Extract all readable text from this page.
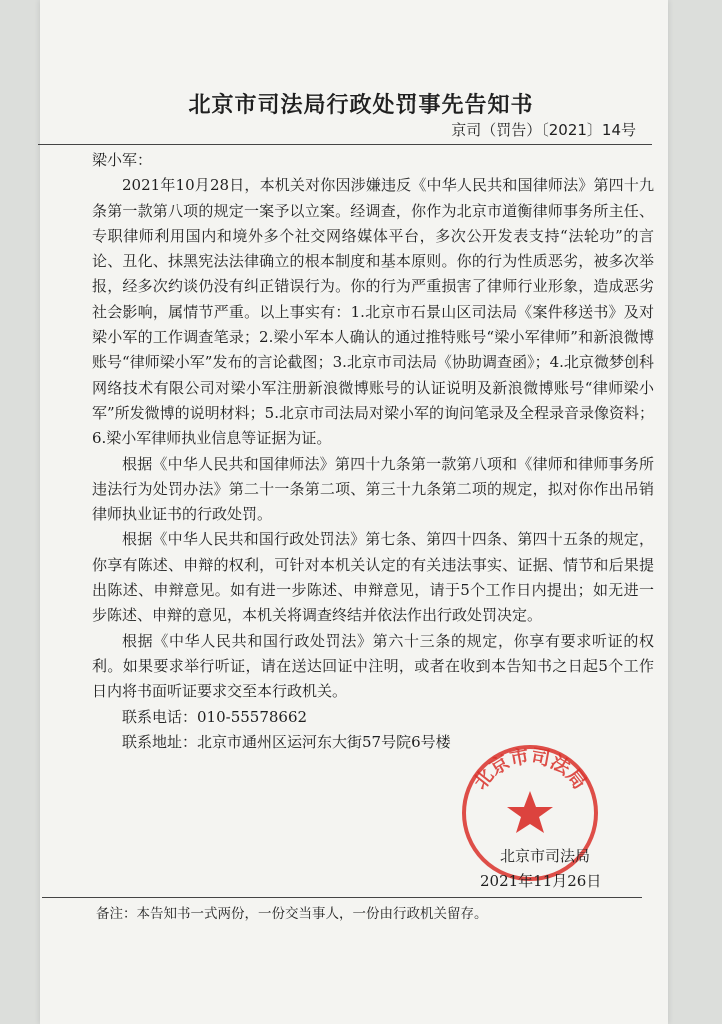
北京市司法局行政处罚事先告知书
京司（罚告）〔2021〕14号

梁小军：

2021年10月28日，本机关对你因涉嫌违反《中华人民共和国律师法》第四十九条第一款第八项的规定一案予以立案。经调查，你作为北京市道衡律师事务所主任、专职律师利用国内和境外多个社交网络媒体平台，多次公开发表支持“法轮功”的言论、丑化、抹黑宪法法律确立的根本制度和基本原则。你的行为性质恶劣，被多次举报，经多次约谈仍没有纠正错误行为。你的行为严重损害了律师行业形象，造成恶劣社会影响，属情节严重。以上事实有：1.北京市石景山区司法局《案件移送书》及对梁小军的工作调查笔录；2.梁小军本人确认的通过推特账号“梁小军律师”和新浪微博账号“律师梁小军”发布的言论截图；3.北京市司法局《协助调查函》；4.北京微梦创科网络技术有限公司对梁小军注册新浪微博账号的认证说明及新浪微博账号“律师梁小军”所发微博的说明材料；5.北京市司法局对梁小军的询问笔录及全程录音录像资料；6.梁小军律师执业信息等证据为证。

根据《中华人民共和国律师法》第四十九条第一款第八项和《律师和律师事务所违法行为处罚办法》第二十一条第二项、第三十九条第二项的规定，拟对你作出吊销律师执业证书的行政处罚。

根据《中华人民共和国行政处罚法》第七条、第四十四条、第四十五条的规定，你享有陈述、申辩的权利，可针对本机关认定的有关违法事实、证据、情节和后果提出陈述、申辩意见。如有进一步陈述、申辩意见，请于5个工作日内提出；如无进一步陈述、申辩的意见，本机关将调查终结并依法作出行政处罚决定。

根据《中华人民共和国行政处罚法》第六十三条的规定，你享有要求听证的权利。如果要求举行听证，请在送达回证中注明，或者在收到本告知书之日起5个工作日内将书面听证要求交至本行政机关。

联系电话：010-55578662

联系地址：北京市通州区运河东大街57号院6号楼

北京市司法局
北京市司法局
2021年11月26日
备注：本告知书一式两份，一份交当事人，一份由行政机关留存。
